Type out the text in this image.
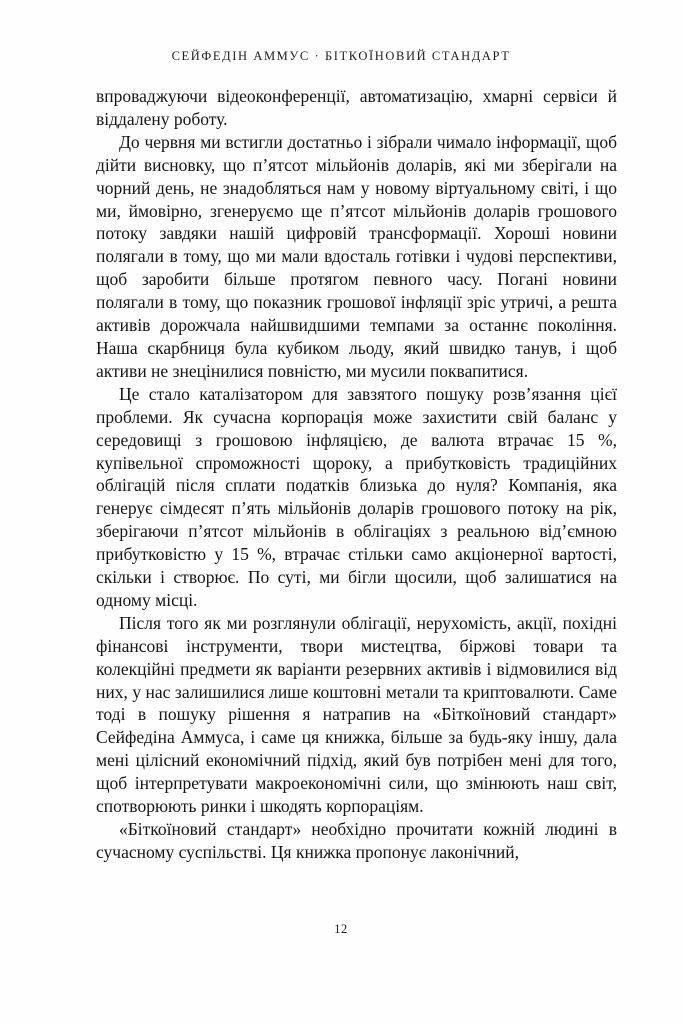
СЕЙФЕДІН АММУС · БІТКОЇНОВИЙ СТАНДАРТ

впроваджуючи відеоконференції, автоматизацію, хмарні сервіси й віддалену роботу.

До червня ми встигли достатньо і зібрали чимало інформації, щоб дійти висновку, що п’ятсот мільйонів доларів, які ми зберігали на чорний день, не знадобляться нам у новому віртуальному світі, і що ми, ймовірно, згенеруємо ще п’ятсот мільйонів доларів грошового потоку завдяки нашій цифровій трансформації. Хороші новини полягали в тому, що ми мали вдосталь готівки і чудові перспективи, щоб заробити більше протягом певного часу. Погані новини полягали в тому, що показник грошової інфляції зріс утричі, а решта активів дорожчала найшвидшими темпами за останнє покоління. Наша скарбниця була кубиком льоду, який швидко танув, і щоб активи не знецінилися повністю, ми мусили поквапитися.

Це стало каталізатором для завзятого пошуку розв’язання цієї проблеми. Як сучасна корпорація може захистити свій баланс у середовищі з грошовою інфляцією, де валюта втрачає 15 %, купівельної спроможності щороку, а прибутковість традиційних облігацій після сплати податків близька до нуля? Компанія, яка генерує сімдесят п’ять мільйонів доларів грошового потоку на рік, зберігаючи п’ятсот мільйонів в облігаціях з реальною від’ємною прибутковістю у 15 %, втрачає стільки само акціонерної вартості, скільки і створює. По суті, ми бігли щосили, щоб залишатися на одному місці.

Після того як ми розглянули облігації, нерухомість, акції, похідні фінансові інструменти, твори мистецтва, біржові товари та колекційні предмети як варіанти резервних активів і відмовилися від них, у нас залишилися лише коштовні метали та криптовалюти. Саме тоді в пошуку рішення я натрапив на «Біткоїновий стандарт» Сейфедіна Аммуса, і саме ця книжка, більше за будь-яку іншу, дала мені цілісний економічний підхід, який був потрібен мені для того, щоб інтерпретувати макроекономічні сили, що змінюють наш світ, спотворюють ринки і шкодять корпораціям.

«Біткоїновий стандарт» необхідно прочитати кожній людині в сучасному суспільстві. Ця книжка пропонує лаконічний,

12
